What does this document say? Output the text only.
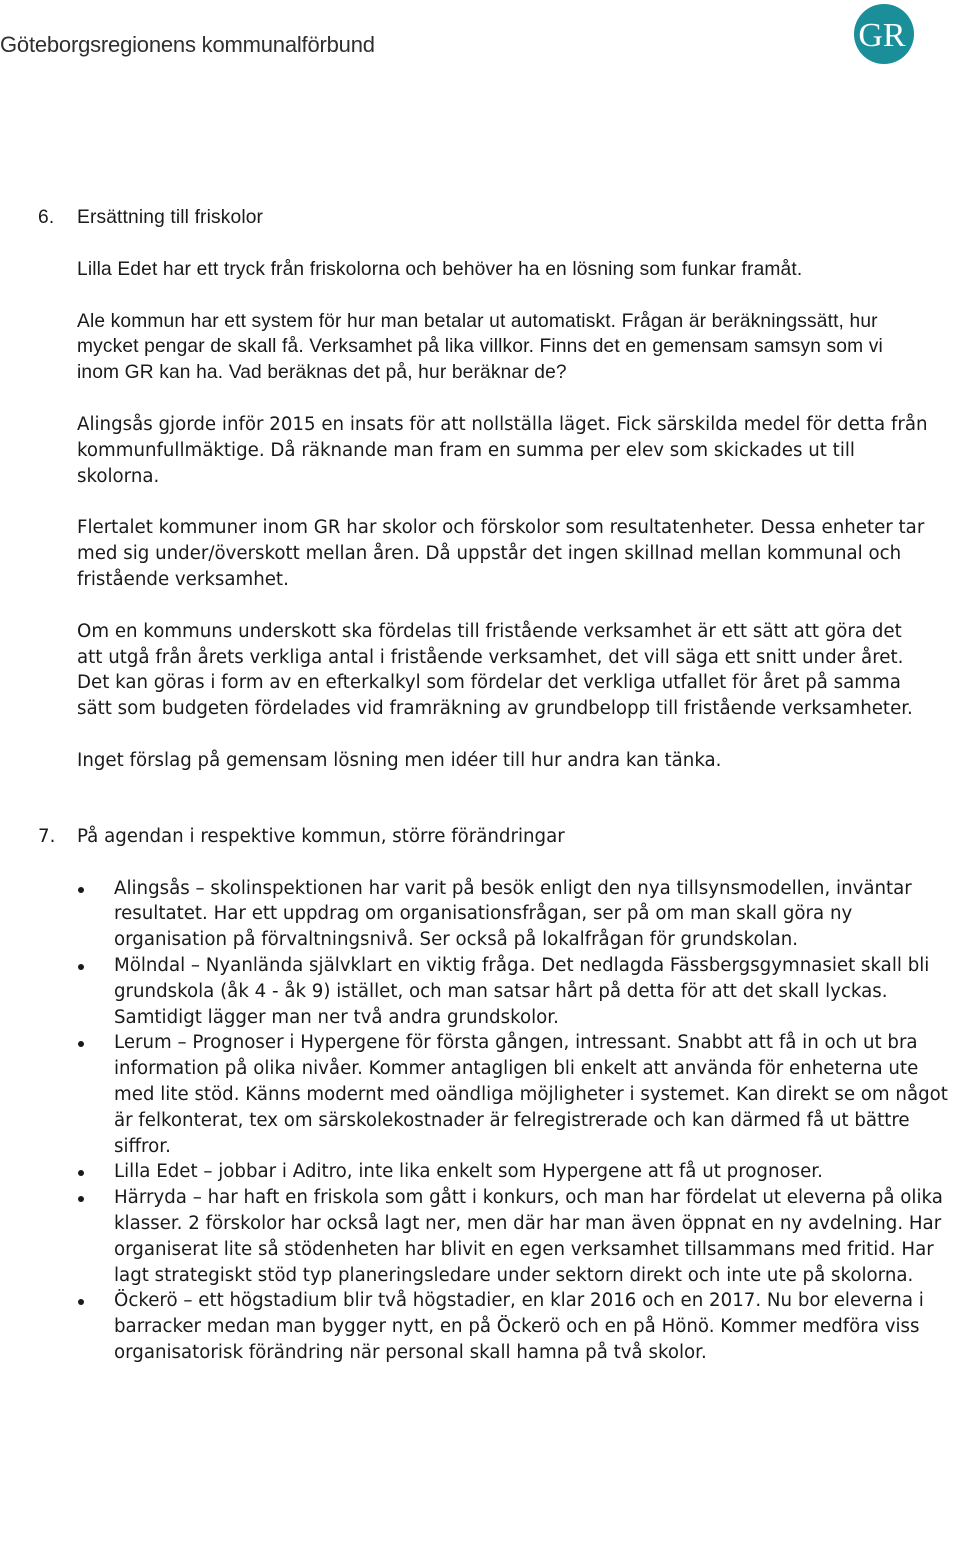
Göteborgsregionens kommunalförbund	GR
6. Ersättning till friskolor
Lilla Edet har ett tryck från friskolorna och behöver ha en lösning som funkar framåt.
Ale kommun har ett system för hur man betalar ut automatiskt. Frågan är beräkningssätt, hur mycket pengar de skall få. Verksamhet på lika villkor. Finns det en gemensam samsyn som vi inom GR kan ha. Vad beräknas det på, hur beräknar de?
Alingsås gjorde inför 2015 en insats för att nollställa läget. Fick särskilda medel för detta från kommunfullmäktige. Då räknande man fram en summa per elev som skickades ut till skolorna.
Flertalet kommuner inom GR har skolor och förskolor som resultatenheter. Dessa enheter tar med sig under/överskott mellan åren. Då uppstår det ingen skillnad mellan kommunal och fristående verksamhet.
Om en kommuns underskott ska fördelas till fristående verksamhet är ett sätt att göra det att utgå från årets verkliga antal i fristående verksamhet, det vill säga ett snitt under året. Det kan göras i form av en efterkalkyl som fördelar det verkliga utfallet för året på samma sätt som budgeten fördelades vid framräkning av grundbelopp till fristående verksamheter.
Inget förslag på gemensam lösning men idéer till hur andra kan tänka.
7. På agendan i respektive kommun, större förändringar
Alingsås – skolinspektionen har varit på besök enligt den nya tillsynsmodellen, inväntar resultatet. Har ett uppdrag om organisationsfrågan, ser på om man skall göra ny organisation på förvaltningsnivå. Ser också på lokalfrågan för grundskolan.
Mölndal – Nyanlända självklart en viktig fråga. Det nedlagda Fässbergsgymnasiet skall bli grundskola (åk 4 - åk 9) istället, och man satsar hårt på detta för att det skall lyckas. Samtidigt lägger man ner två andra grundskolor.
Lerum – Prognoser i Hypergene för första gången, intressant. Snabbt att få in och ut bra information på olika nivåer. Kommer antagligen bli enkelt att använda för enheterna ute med lite stöd. Känns modernt med oändliga möjligheter i systemet. Kan direkt se om något är felkonterat, tex om särskolekostnader är felregistrerade och kan därmed få ut bättre siffror.
Lilla Edet – jobbar i Aditro, inte lika enkelt som Hypergene att få ut prognoser.
Härryda – har haft en friskola som gått i konkurs, och man har fördelat ut eleverna på olika klasser. 2 förskolor har också lagt ner, men där har man även öppnat en ny avdelning. Har organiserat lite så stödenheten har blivit en egen verksamhet tillsammans med fritid. Har lagt strategiskt stöd typ planeringsledare under sektorn direkt och inte ute på skolorna.
Öckerö – ett högstadium blir två högstadier, en klar 2016 och en 2017. Nu bor eleverna i barracker medan man bygger nytt, en på Öckerö och en på Hönö. Kommer medföra viss organisatorisk förändring när personal skall hamna på två skolor.
